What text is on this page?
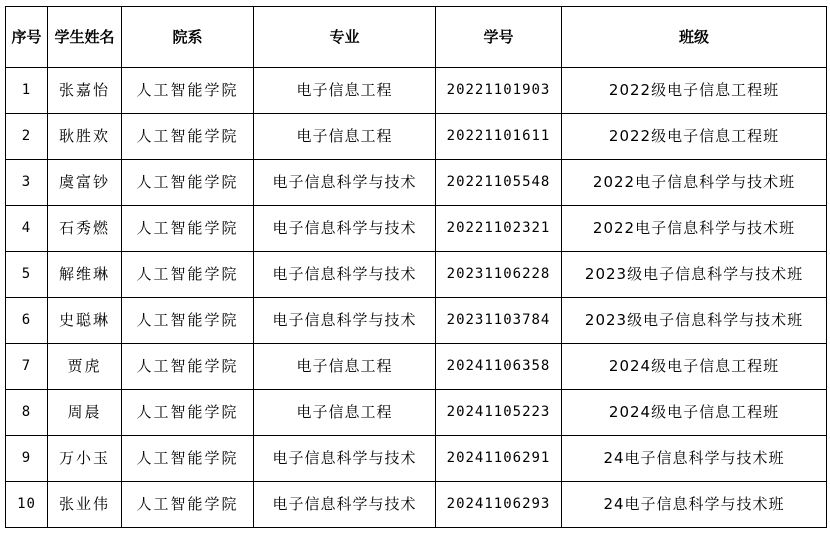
序号	学生姓名	院系	专业	学号	班级
1	张嘉怡	人工智能学院	电子信息工程	20221101903	2022级电子信息工程班
2	耿胜欢	人工智能学院	电子信息工程	20221101611	2022级电子信息工程班
3	虞富钞	人工智能学院	电子信息科学与技术	20221105548	2022电子信息科学与技术班
4	石秀燃	人工智能学院	电子信息科学与技术	20221102321	2022电子信息科学与技术班
5	解维琳	人工智能学院	电子信息科学与技术	20231106228	2023级电子信息科学与技术班
6	史聪琳	人工智能学院	电子信息科学与技术	20231103784	2023级电子信息科学与技术班
7	贾虎	人工智能学院	电子信息工程	20241106358	2024级电子信息工程班
8	周晨	人工智能学院	电子信息工程	20241105223	2024级电子信息工程班
9	万小玉	人工智能学院	电子信息科学与技术	20241106291	24电子信息科学与技术班
10	张业伟	人工智能学院	电子信息科学与技术	20241106293	24电子信息科学与技术班
